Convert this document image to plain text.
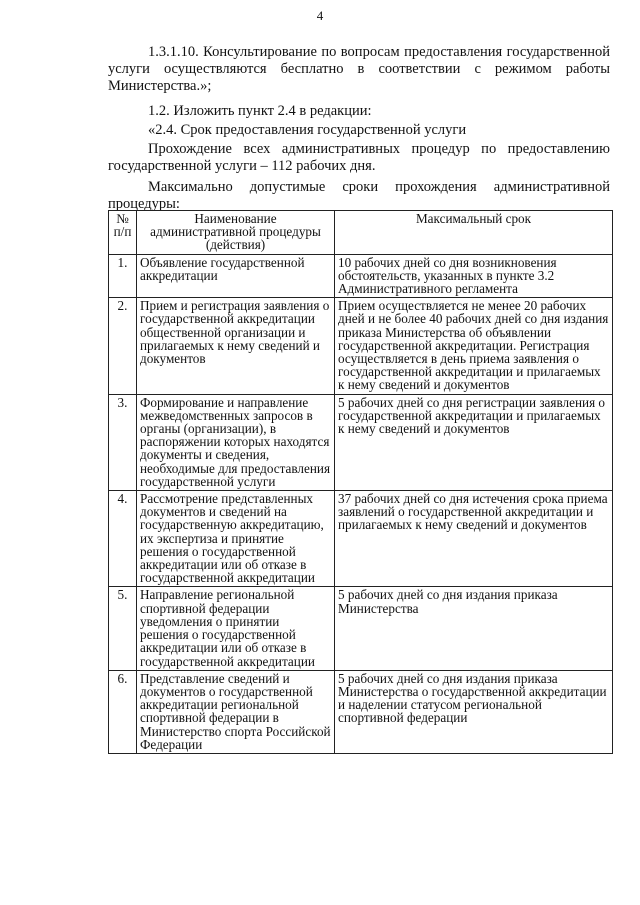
4

1.3.1.10. Консультирование по вопросам предоставления государственной услуги осуществляются бесплатно в соответствии с режимом работы Министерства.»;

1.2. Изложить пункт 2.4 в редакции:

«2.4. Срок предоставления государственной услуги

Прохождение всех административных процедур по предоставлению государственной услуги – 112 рабочих дня.

Максимально допустимые сроки прохождения административной процедуры:

№ п/п	Наименование административной процедуры (действия)	Максимальный срок
1.	Объявление государственной аккредитации	10 рабочих дней со дня возникновения обстоятельств, указанных в пункте 3.2 Административного регламента
2.	Прием и регистрация заявления о государственной аккредитации общественной организации и прилагаемых к нему сведений и документов	Прием осуществляется не менее 20 рабочих дней и не более 40 рабочих дней со дня издания приказа Министерства об объявлении государственной аккредитации. Регистрация осуществляется в день приема заявления о государственной аккредитации и прилагаемых к нему сведений и документов
3.	Формирование и направление межведомственных запросов в органы (организации), в распоряжении которых находятся документы и сведения, необходимые для предоставления государственной услуги	5 рабочих дней со дня регистрации заявления о государственной аккредитации и прилагаемых к нему сведений и документов
4.	Рассмотрение представленных документов и сведений на государственную аккредитацию, их экспертиза и принятие решения о государственной аккредитации или об отказе в государственной аккредитации	37 рабочих дней со дня истечения срока приема заявлений о государственной аккредитации и прилагаемых к нему сведений и документов
5.	Направление региональной спортивной федерации уведомления о принятии решения о государственной аккредитации или об отказе в государственной аккредитации	5 рабочих дней со дня издания приказа Министерства
6.	Представление сведений и документов о государственной аккредитации региональной спортивной федерации в Министерство спорта Российской Федерации	5 рабочих дней со дня издания приказа Министерства о государственной аккредитации и наделении статусом региональной спортивной федерации
